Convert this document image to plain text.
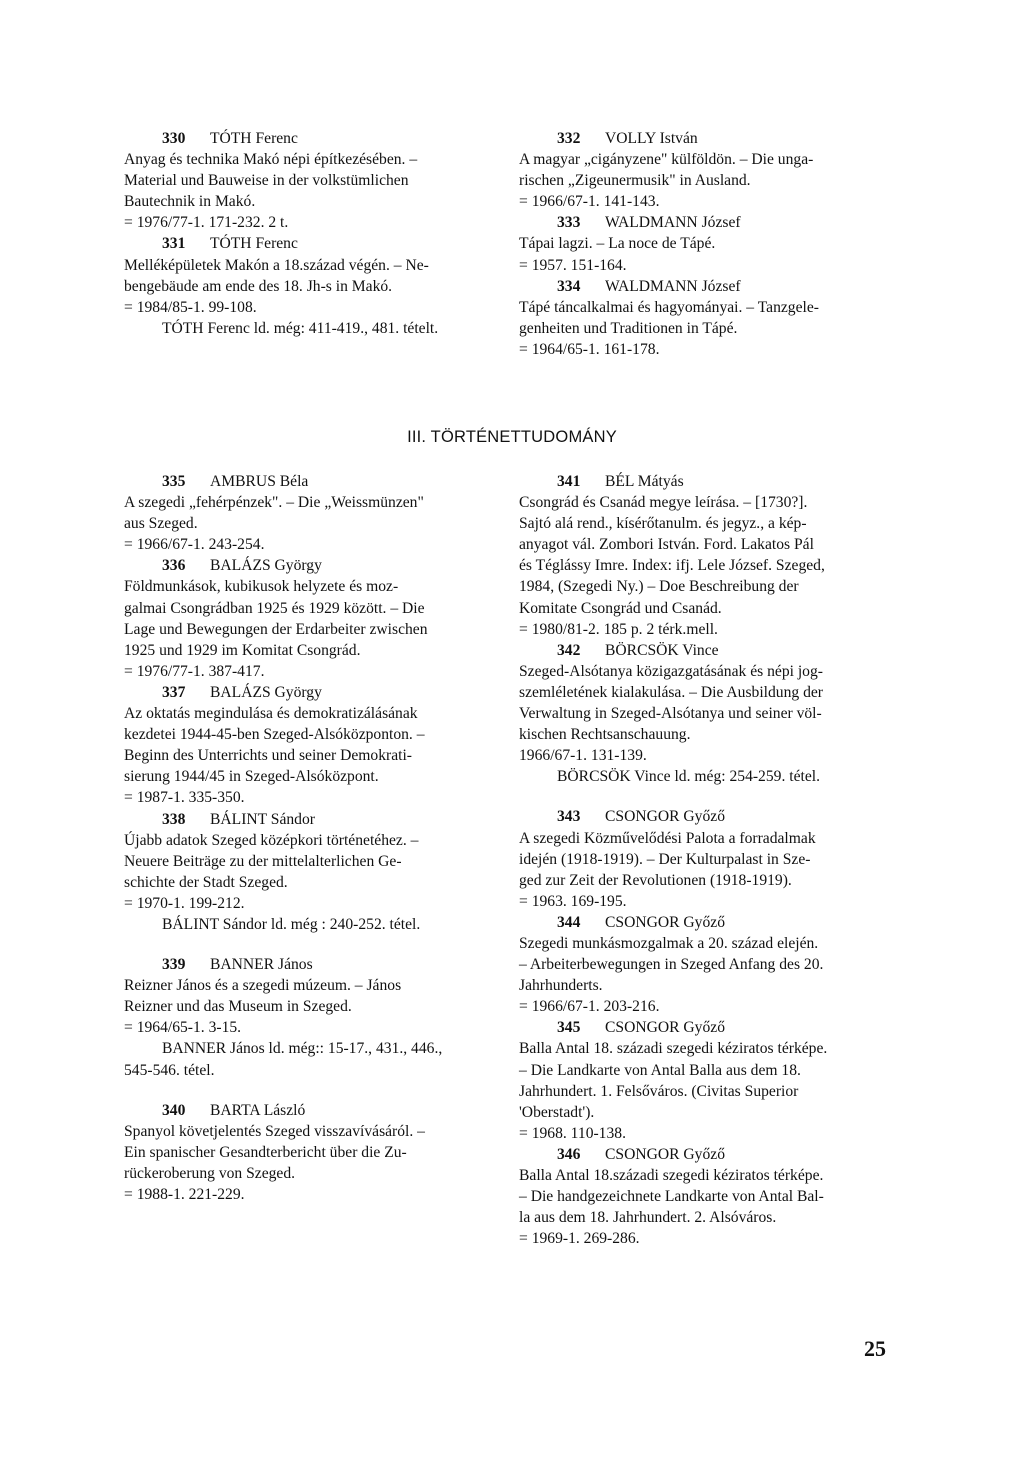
330 TÓTH Ferenc
Anyag és technika Makó népi építkezésében. –
Material und Bauweise in der volkstümlichen
Bautechnik in Makó.
= 1976/77-1. 171-232. 2 t.
331 TÓTH Ferenc
Melléképületek Makón a 18.század végén. – Ne-
bengebäude am ende des 18. Jh-s in Makó.
= 1984/85-1. 99-108.
TÓTH Ferenc ld. még: 411-419., 481. tételt.
332 VOLLY István
A magyar „cigányzene" külföldön. – Die unga-
rischen „Zigeunermusik" in Ausland.
= 1966/67-1. 141-143.
333 WALDMANN József
Tápai lagzi. – La noce de Tápé.
= 1957. 151-164.
334 WALDMANN József
Tápé táncalkalmai és hagyományai. – Tanzgele-
genheiten und Traditionen in Tápé.
= 1964/65-1. 161-178.
III. TÖRTÉNETTUDOMÁNY
335 AMBRUS Béla
A szegedi „fehérpénzek". – Die „Weissmünzen"
aus Szeged.
= 1966/67-1. 243-254.
336 BALÁZS György
Földmunkások, kubikusok helyzete és moz-
galmai Csongrádban 1925 és 1929 között. – Die
Lage und Bewegungen der Erdarbeiter zwischen
1925 und 1929 im Komitat Csongrád.
= 1976/77-1. 387-417.
337 BALÁZS György
Az oktatás megindulása és demokratizálásának
kezdetei 1944-45-ben Szeged-Alsóközponton. –
Beginn des Unterrichts und seiner Demokrati-
sierung 1944/45 in Szeged-Alsóközpont.
= 1987-1. 335-350.
338 BÁLINT Sándor
Újabb adatok Szeged középkori történetéhez. –
Neuere Beiträge zu der mittelalterlichen Ge-
schichte der Stadt Szeged.
= 1970-1. 199-212.
BÁLINT Sándor ld. még : 240-252. tétel.
339 BANNER János
Reizner János és a szegedi múzeum. – János
Reizner und das Museum in Szeged.
= 1964/65-1. 3-15.
BANNER János ld. még:: 15-17., 431., 446.,
545-546. tétel.
340 BARTA László
Spanyol követjelentés Szeged visszavívásáról. –
Ein spanischer Gesandterbericht über die Zu-
rückeroberung von Szeged.
= 1988-1. 221-229.
341 BÉL Mátyás
Csongrád és Csanád megye leírása. – [1730?].
Sajtó alá rend., kísérőtanulm. és jegyz., a kép-
anyagot vál. Zombori István. Ford. Lakatos Pál
és Téglássy Imre. Index: ifj. Lele József. Szeged,
1984, (Szegedi Ny.) – Doe Beschreibung der
Komitate Csongrád und Csanád.
= 1980/81-2. 185 p. 2 térk.mell.
342 BÖRCSÖK Vince
Szeged-Alsótanya közigazgatásának és népi jog-
szemléletének kialakulása. – Die Ausbildung der
Verwaltung in Szeged-Alsótanya und seiner völ-
kischen Rechtsanschauung.
1966/67-1. 131-139.
BÖRCSÖK Vince ld. még: 254-259. tétel.
343 CSONGOR Győző
A szegedi Közművelődési Palota a forradalmak
idején (1918-1919). – Der Kulturpalast in Sze-
ged zur Zeit der Revolutionen (1918-1919).
= 1963. 169-195.
344 CSONGOR Győző
Szegedi munkásmozgalmak a 20. század elején.
– Arbeiterbewegungen in Szeged Anfang des 20.
Jahrhunderts.
= 1966/67-1. 203-216.
345 CSONGOR Győző
Balla Antal 18. századi szegedi kéziratos térképe.
– Die Landkarte von Antal Balla aus dem 18.
Jahrhundert. 1. Felsőváros. (Civitas Superior
'Oberstadt').
= 1968. 110-138.
346 CSONGOR Győző
Balla Antal 18.századi szegedi kéziratos térképe.
– Die handgezeichnete Landkarte von Antal Bal-
la aus dem 18. Jahrhundert. 2. Alsóváros.
= 1969-1. 269-286.
25
